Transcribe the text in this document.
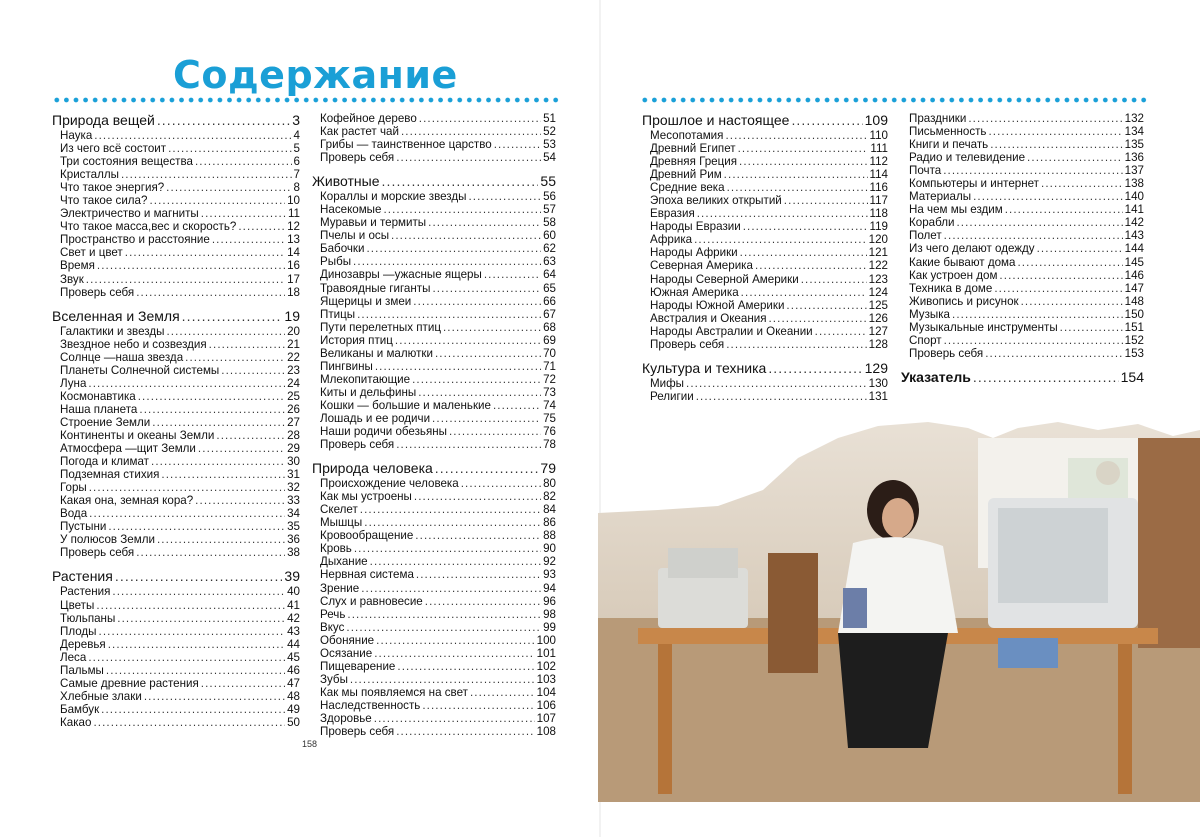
Содержание
Природа вещей .....	3
Наука .....	4
Из чего всё состоит .....	5
Три состояния вещества .....	6
Кристаллы .....	7
Что такое энергия? .....	8
Что такое сила? .....	10
Электричество и магниты .....	11
Что такое масса,вес и скорость? .....	12
Пространство и расстояние .....	13
Свет и цвет .....	14
Время .....	16
Звук .....	17
Проверь себя .....	18
Вселенная и Земля .....	19
Галактики и звезды .....	20
Звездное небо и созвездия .....	21
Солнце —наша звезда .....	22
Планеты Солнечной системы .....	23
Луна .....	24
Космонавтика .....	25
Наша планета .....	26
Строение Земли .....	27
Континенты и океаны Земли .....	28
Атмосфера —щит Земли .....	29
Погода и климат .....	30
Подземная стихия .....	31
Горы .....	32
Какая она, земная кора? .....	33
Вода .....	34
Пустыни .....	35
У полюсов Земли .....	36
Проверь себя .....	38
Растения .....	39
Растения .....	40
Цветы .....	41
Тюльпаны .....	42
Плоды .....	43
Деревья .....	44
Леса .....	45
Пальмы .....	46
Самые древние растения .....	47
Хлебные злаки .....	48
Бамбук .....	49
Какао .....	50
Кофейное дерево .....	51
Как растет чай .....	52
Грибы — таинственное царство .....	53
Проверь себя .....	54
Животные .....	55
Кораллы и морские звезды .....	56
Насекомые .....	57
Муравьи и термиты .....	58
Пчелы и осы .....	60
Бабочки .....	62
Рыбы .....	63
Динозавры —ужасные ящеры .....	64
Травоядные гиганты .....	65
Ящерицы и змеи .....	66
Птицы .....	67
Пути перелетных птиц .....	68
История птиц .....	69
Великаны и малютки .....	70
Пингвины .....	71
Млекопитающие .....	72
Киты и дельфины .....	73
Кошки — большие и маленькие .....	74
Лошадь и ее родичи .....	75
Наши родичи обезьяны .....	76
Проверь себя .....	78
Природа человека .....	79
Происхождение человека .....	80
Как мы устроены .....	82
Скелет .....	84
Мышцы .....	86
Кровообращение .....	88
Кровь .....	90
Дыхание .....	92
Нервная система .....	93
Зрение .....	94
Слух и равновесие .....	96
Речь .....	98
Вкус .....	99
Обоняние .....	100
Осязание .....	101
Пищеварение .....	102
Зубы .....	103
Как мы появляемся на свет .....	104
Наследственность .....	106
Здоровье .....	107
Проверь себя .....	108
Прошлое и настоящее .....	109
Месопотамия .....	110
Древний Египет .....	111
Древняя Греция .....	112
Древний Рим .....	114
Средние века .....	116
Эпоха великих открытий .....	117
Евразия .....	118
Народы Евразии .....	119
Африка .....	120
Народы Африки .....	121
Северная Америка .....	122
Народы Северной Америки .....	123
Южная Америка .....	124
Народы Южной Америки .....	125
Австралия и Океания .....	126
Народы Австралии и Океании .....	127
Проверь себя .....	128
Культура и техника .....	129
Мифы .....	130
Религии .....	131
Праздники .....	132
Письменность .....	134
Книги и печать .....	135
Радио и телевидение .....	136
Почта .....	137
Компьютеры и интернет .....	138
Материалы .....	140
На чем мы ездим .....	141
Корабли .....	142
Полет .....	143
Из чего делают одежду .....	144
Какие бывают дома .....	145
Как устроен дом .....	146
Техника в доме .....	147
Живопись и рисунок .....	148
Музыка .....	150
Музыкальные инструменты .....	151
Спорт .....	152
Проверь себя .....	153
Указатель .....	154
158
